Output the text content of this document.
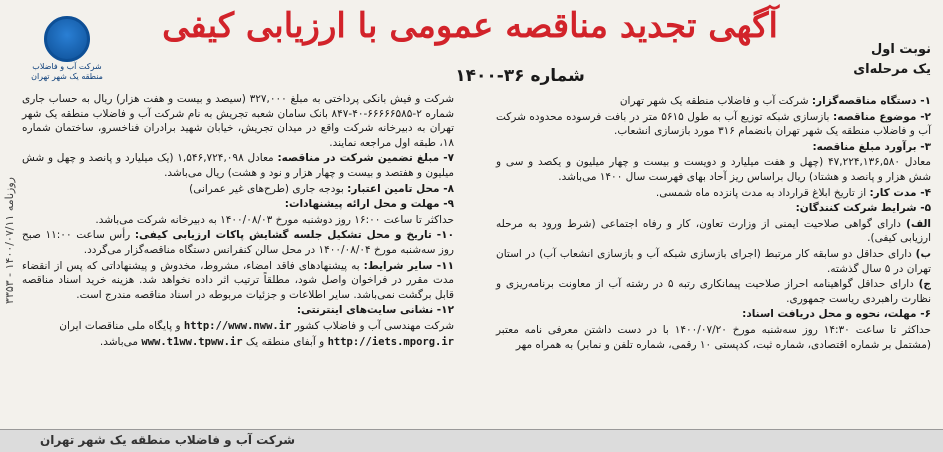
روزنامه ۱۴۰۰/۰۷/۱۱ - ۳۳۵۳
شرکت آب و فاضلاب
منطقه یک شهر تهران
آگهی تجدید مناقصه عمومی با ارزیابی کیفی
نوبت اول
یک مرحله‌ای
شماره ۳۶-۱۴۰۰
۱- دستگاه مناقصه‌گزار: شرکت آب و فاضلاب منطقه یک شهر تهران
۲- موضوع مناقصه: بازسازی شبکه توزیع آب به طول ۵۶۱۵ متر در بافت فرسوده محدوده شرکت آب و فاضلاب منطقه یک شهر تهران بانضمام ۳۱۶ مورد بازسازی انشعاب.
۳- برآورد مبلغ مناقصه:
معادل ۴۷,۲۲۴,۱۳۶,۵۸۰ (چهل و هفت میلیارد و دویست و بیست و چهار میلیون و یکصد و سی و شش هزار و پانصد و هشتاد) ریال براساس ریز آحاد بهای فهرست سال ۱۴۰۰ می‌باشد.
۴- مدت کار: از تاریخ ابلاغ قرارداد به مدت پانزده ماه شمسی.
۵- شرایط شرکت کنندگان:
الف) دارای گواهی صلاحیت ایمنی از وزارت تعاون، کار و رفاه اجتماعی (شرط ورود به مرحله ارزیابی کیفی).
ب) دارای حداقل دو سابقه کار مرتبط (اجرای بازسازی شبکه آب و بازسازی انشعاب آب) در استان تهران در ۵ سال گذشته.
ج) دارای حداقل گواهینامه احراز صلاحیت پیمانکاری رتبه ۵ در رشته آب از معاونت برنامه‌ریزی و نظارت راهبردی ریاست جمهوری.
۶- مهلت، نحوه و محل دریافت اسناد:
حداکثر تا ساعت ۱۴:۳۰ روز سه‌شنبه مورخ ۱۴۰۰/۰۷/۲۰ با در دست داشتن معرفی نامه معتبر (مشتمل بر شماره اقتصادی، شماره ثبت، کدپستی ۱۰ رقمی، شماره تلفن و نمابر) به همراه مهر
شرکت و فیش بانکی پرداختی به مبلغ ۳۲۷,۰۰۰ (سیصد و بیست و هفت هزار) ریال به حساب جاری شماره ۲-۶۶۶۶۶۵۸۵-۴۰-۸۴۷ بانک سامان شعبه تجریش به نام شرکت آب و فاضلاب منطقه یک شهر تهران به دبیرخانه شرکت واقع در میدان تجریش، خیابان شهید برادران فناخسرو، ساختمان شماره ۱۸، طبقه اول مراجعه نمایند.
۷- مبلغ تضمین شرکت در مناقصه: معادل ۱,۵۴۶,۷۲۴,۰۹۸ (یک میلیارد و پانصد و چهل و شش میلیون و هفتصد و بیست و چهار هزار و نود و هشت) ریال می‌باشد.
۸- محل تامین اعتبار: بودجه جاری (طرح‌های غیر عمرانی)
۹- مهلت و محل ارائه پیشنهادات:
حداکثر تا ساعت ۱۶:۰۰ روز دوشنبه مورخ ۱۴۰۰/۰۸/۰۳ به دبیرخانه شرکت می‌باشد.
۱۰- تاریخ و محل تشکیل جلسه گشایش پاکات ارزیابی کیفی: رأس ساعت ۱۱:۰۰ صبح روز سه‌شنبه مورخ ۱۴۰۰/۰۸/۰۴ در محل سالن کنفرانس دستگاه مناقصه‌گزار می‌گردد.
۱۱- سایر شرایط: به پیشنهادهای فاقد امضاء، مشروط، مخدوش و پیشنهاداتی که پس از انقضاء مدت مقرر در فراخوان واصل شود، مطلقاً ترتیب اثر داده نخواهد شد. هزینه خرید اسناد مناقصه قابل برگشت نمی‌باشد. سایر اطلاعات و جزئیات مربوطه در اسناد مناقصه مندرج است.
۱۲- نشانی سایت‌های اینترنتی:
شرکت مهندسی آب و فاضلاب کشور http://www.nww.ir و پایگاه ملی مناقصات ایران
http://iets.mporg.ir و آبفای منطقه یک www.t1ww.tpww.ir می‌باشد.
شرکت آب و فاضلاب منطقه یک شهر تهران
